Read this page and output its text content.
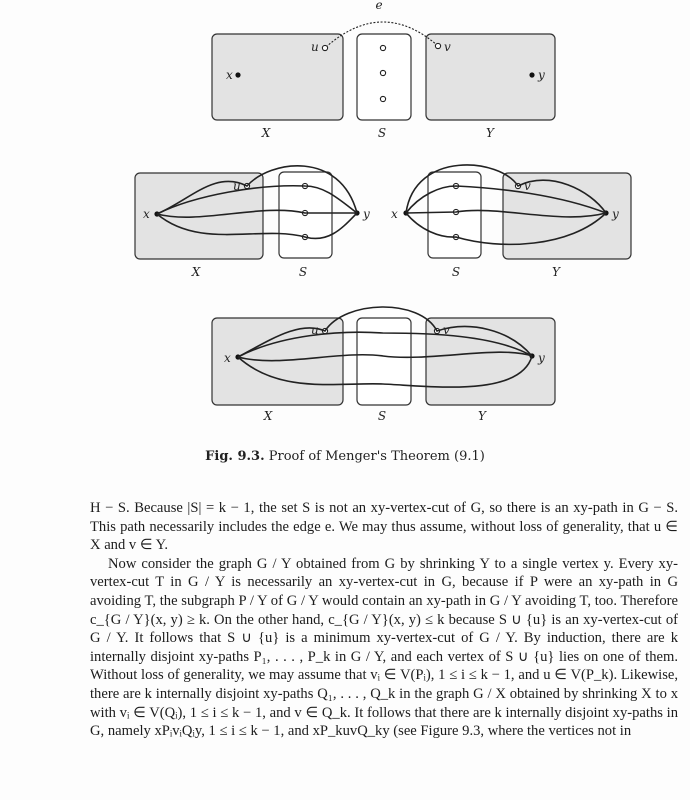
e
x	y
u	v
X	S	Y
x	y
u
X	S
x	y
v
S	Y
x	y
u	v
X	S	Y
Fig. 9.3. Proof of Menger's Theorem (9.1)

H − S. Because |S| = k − 1, the set S is not an xy-vertex-cut of G, so there is an xy-path in G − S. This path necessarily includes the edge e. We may thus assume, without loss of generality, that u ∈ X and v ∈ Y.

Now consider the graph G / Y obtained from G by shrinking Y to a single vertex y. Every xy-vertex-cut T in G / Y is necessarily an xy-vertex-cut in G, because if P were an xy-path in G avoiding T, the subgraph P / Y of G / Y would contain an xy-path in G / Y avoiding T, too. Therefore c_{G / Y}(x, y) ≥ k. On the other hand, c_{G / Y}(x, y) ≤ k because S ∪ {u} is an xy-vertex-cut of G / Y. It follows that S ∪ {u} is a minimum xy-vertex-cut of G / Y. By induction, there are k internally disjoint xy-paths P₁, . . . , P_k in G / Y, and each vertex of S ∪ {u} lies on one of them. Without loss of generality, we may assume that vᵢ ∈ V(Pᵢ), 1 ≤ i ≤ k − 1, and u ∈ V(P_k). Likewise, there are k internally disjoint xy-paths Q₁, . . . , Q_k in the graph G / X obtained by shrinking X to x with vᵢ ∈ V(Qᵢ), 1 ≤ i ≤ k − 1, and v ∈ Q_k. It follows that there are k internally disjoint xy-paths in G, namely xPᵢvᵢQᵢy, 1 ≤ i ≤ k − 1, and xP_kuvQ_ky (see Figure 9.3, where the vertices not in
